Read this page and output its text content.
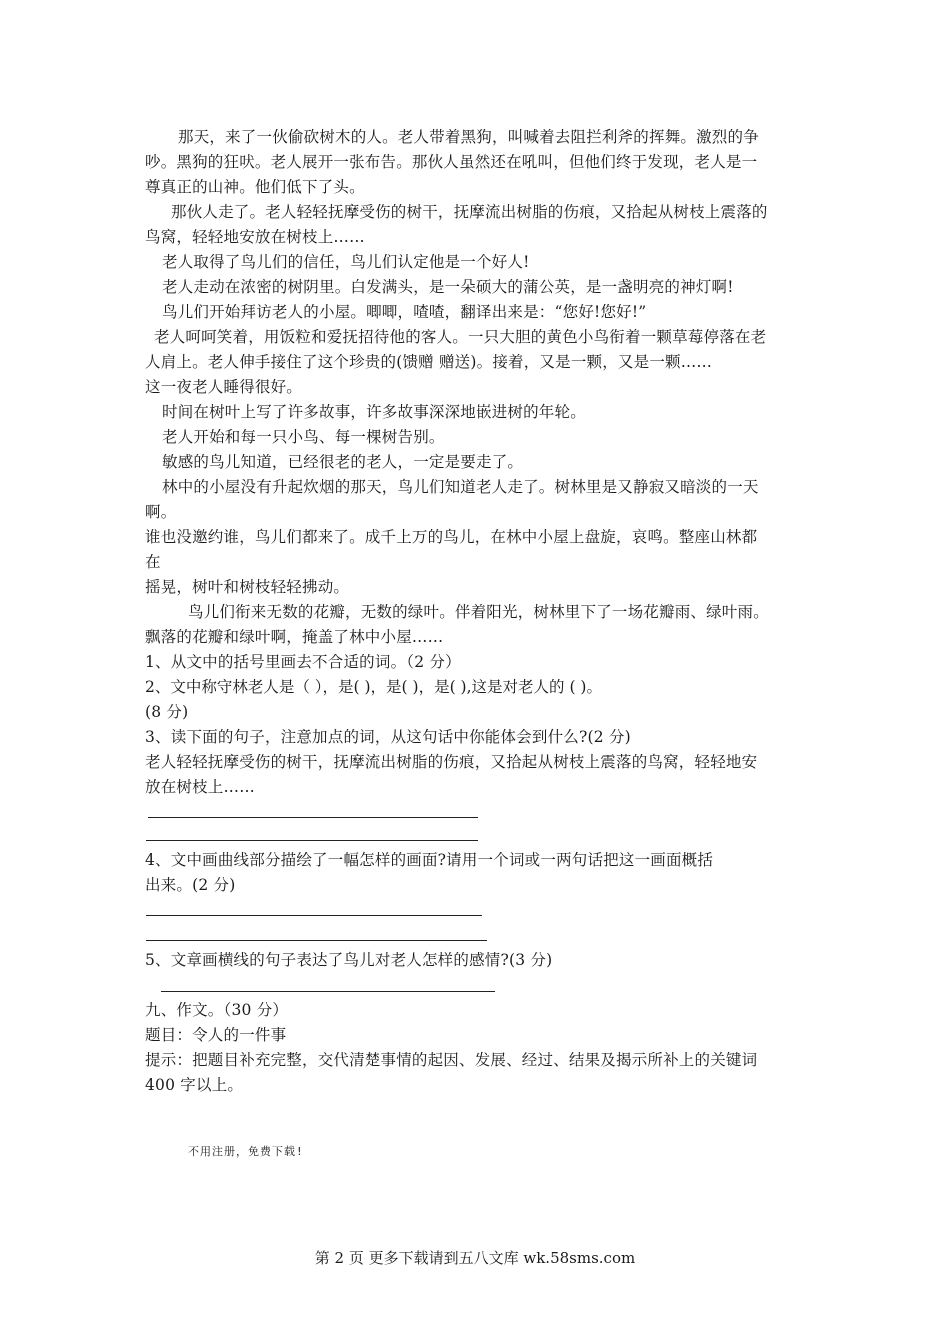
那天，来了一伙偷砍树木的人。老人带着黑狗，叫喊着去阻拦利斧的挥舞。激烈的争
吵。黑狗的狂吠。老人展开一张布告。那伙人虽然还在吼叫，但他们终于发现，老人是一
尊真正的山神。他们低下了头。
那伙人走了。老人轻轻抚摩受伤的树干，抚摩流出树脂的伤痕，又拾起从树枝上震落的
鸟窝，轻轻地安放在树枝上……
老人取得了鸟儿们的信任，鸟儿们认定他是一个好人!
老人走动在浓密的树阴里。白发满头，是一朵硕大的蒲公英，是一盏明亮的神灯啊!
鸟儿们开始拜访老人的小屋。唧唧，喳喳，翻译出来是：“您好!您好!”
老人呵呵笑着，用饭粒和爱抚招待他的客人。一只大胆的黄色小鸟衔着一颗草莓停落在老
人肩上。老人伸手接住了这个珍贵的(馈赠 赠送)。接着，又是一颗，又是一颗……
这一夜老人睡得很好。
时间在树叶上写了许多故事，许多故事深深地嵌进树的年轮。
老人开始和每一只小鸟、每一棵树告别。
敏感的鸟儿知道，已经很老的老人，一定是要走了。
林中的小屋没有升起炊烟的那天，鸟儿们知道老人走了。树林里是又静寂又暗淡的一天
啊。
谁也没邀约谁，鸟儿们都来了。成千上万的鸟儿，在林中小屋上盘旋，哀鸣。整座山林都
在
摇晃，树叶和树枝轻轻拂动。
鸟儿们衔来无数的花瓣，无数的绿叶。伴着阳光，树林里下了一场花瓣雨、绿叶雨。
飘落的花瓣和绿叶啊，掩盖了林中小屋……
1、从文中的括号里画去不合适的词。（2 分）
2、文中称守林老人是（ ），是( )，是( )，是( ),这是对老人的 ( )。
(8 分)
3、读下面的句子，注意加点的词，从这句话中你能体会到什么?(2 分)
老人轻轻抚摩受伤的树干，抚摩流出树脂的伤痕，又拾起从树枝上震落的鸟窝，轻轻地安
放在树枝上……
4、文中画曲线部分描绘了一幅怎样的画面?请用一个词或一两句话把这一画面概括
出来。(2 分)
5、文章画横线的句子表达了鸟儿对老人怎样的感情?(3 分)
九、作文。（30 分）
题目：令人的一件事
提示：把题目补充完整，交代清楚事情的起因、发展、经过、结果及揭示所补上的关键词
400 字以上。
不用注册，免费下载!
第 2 页 更多下载请到五八文库 wk.58sms.com
